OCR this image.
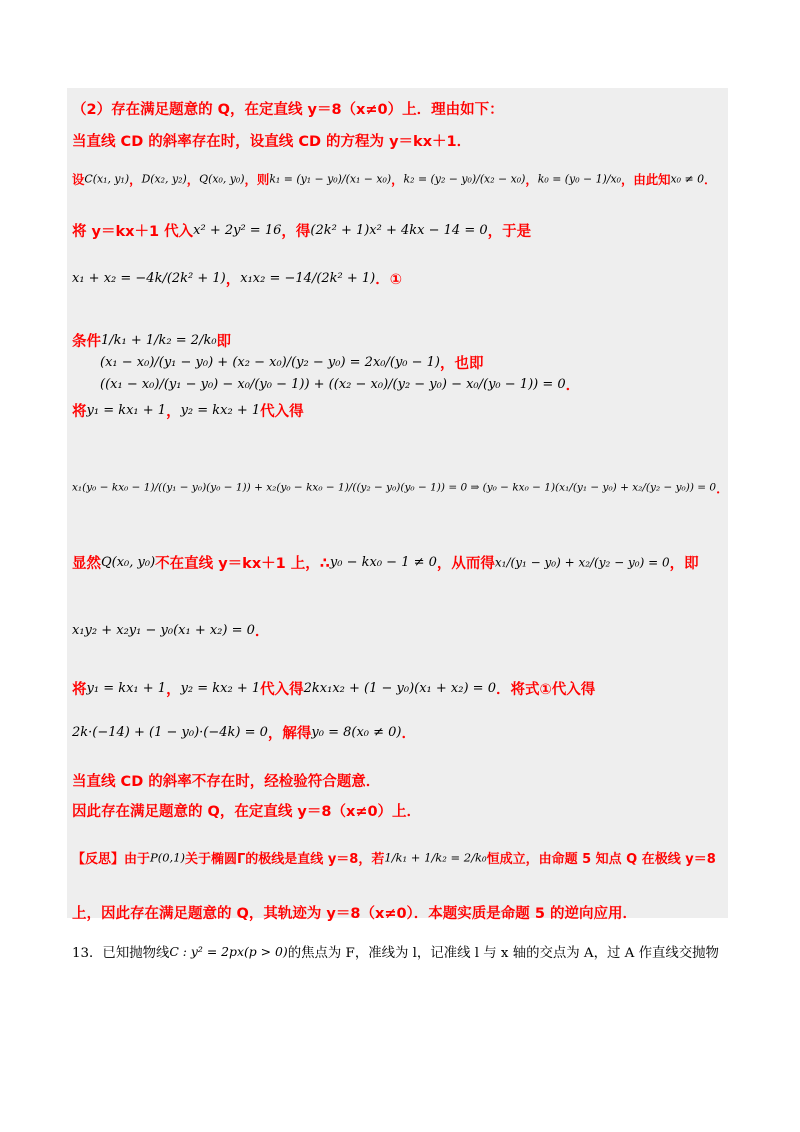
（2）存在满足题意的 Q，在定直线 y＝8（x≠0）上．理由如下：
当直线 CD 的斜率存在时，设直线 CD 的方程为 y＝kx＋1．
设C(x₁, y₁)，D(x₂, y₂)，Q(x₀, y₀)，则k₁ = (y₁ − y₀)/(x₁ − x₀)，k₂ = (y₂ − y₀)/(x₂ − x₀)，k₀ = (y₀ − 1)/x₀，由此知x₀ ≠ 0．
将 y＝kx＋1 代入x² + 2y² = 16，得(2k² + 1)x² + 4kx − 14 = 0，于是
x₁ + x₂ = −4k/(2k² + 1)，x₁x₂ = −14/(2k² + 1)．①
条件1/k₁ + 1/k₂ = 2/k₀即
(x₁ − x₀)/(y₁ − y₀) + (x₂ − x₀)/(y₂ − y₀) = 2x₀/(y₀ − 1)，也即
((x₁ − x₀)/(y₁ − y₀) − x₀/(y₀ − 1)) + ((x₂ − x₀)/(y₂ − y₀) − x₀/(y₀ − 1)) = 0．
将y₁ = kx₁ + 1，y₂ = kx₂ + 1代入得
x₁(y₀ − kx₀ − 1)/((y₁ − y₀)(y₀ − 1)) + x₂(y₀ − kx₀ − 1)/((y₂ − y₀)(y₀ − 1)) = 0 ⇒ (y₀ − kx₀ − 1)(x₁/(y₁ − y₀) + x₂/(y₂ − y₀)) = 0．
显然Q(x₀, y₀)不在直线 y＝kx＋1 上，∴y₀ − kx₀ − 1 ≠ 0，从而得x₁/(y₁ − y₀) + x₂/(y₂ − y₀) = 0，即
x₁y₂ + x₂y₁ − y₀(x₁ + x₂) = 0．
将y₁ = kx₁ + 1，y₂ = kx₂ + 1代入得2kx₁x₂ + (1 − y₀)(x₁ + x₂) = 0．将式①代入得
2k·(−14) + (1 − y₀)·(−4k) = 0，解得y₀ = 8(x₀ ≠ 0)．
当直线 CD 的斜率不存在时，经检验符合题意．
因此存在满足题意的 Q，在定直线 y＝8（x≠0）上．
【反思】由于P(0,1)关于椭圆Γ的极线是直线 y＝8，若1/k₁ + 1/k₂ = 2/k₀恒成立，由命题 5 知点 Q 在极线 y＝8
上，因此存在满足题意的 Q，其轨迹为 y＝8（x≠0）．本题实质是命题 5 的逆向应用．
13．已知抛物线C : y² = 2px(p > 0)的焦点为 F，准线为 l，记准线 l 与 x 轴的交点为 A，过 A 作直线交抛物
